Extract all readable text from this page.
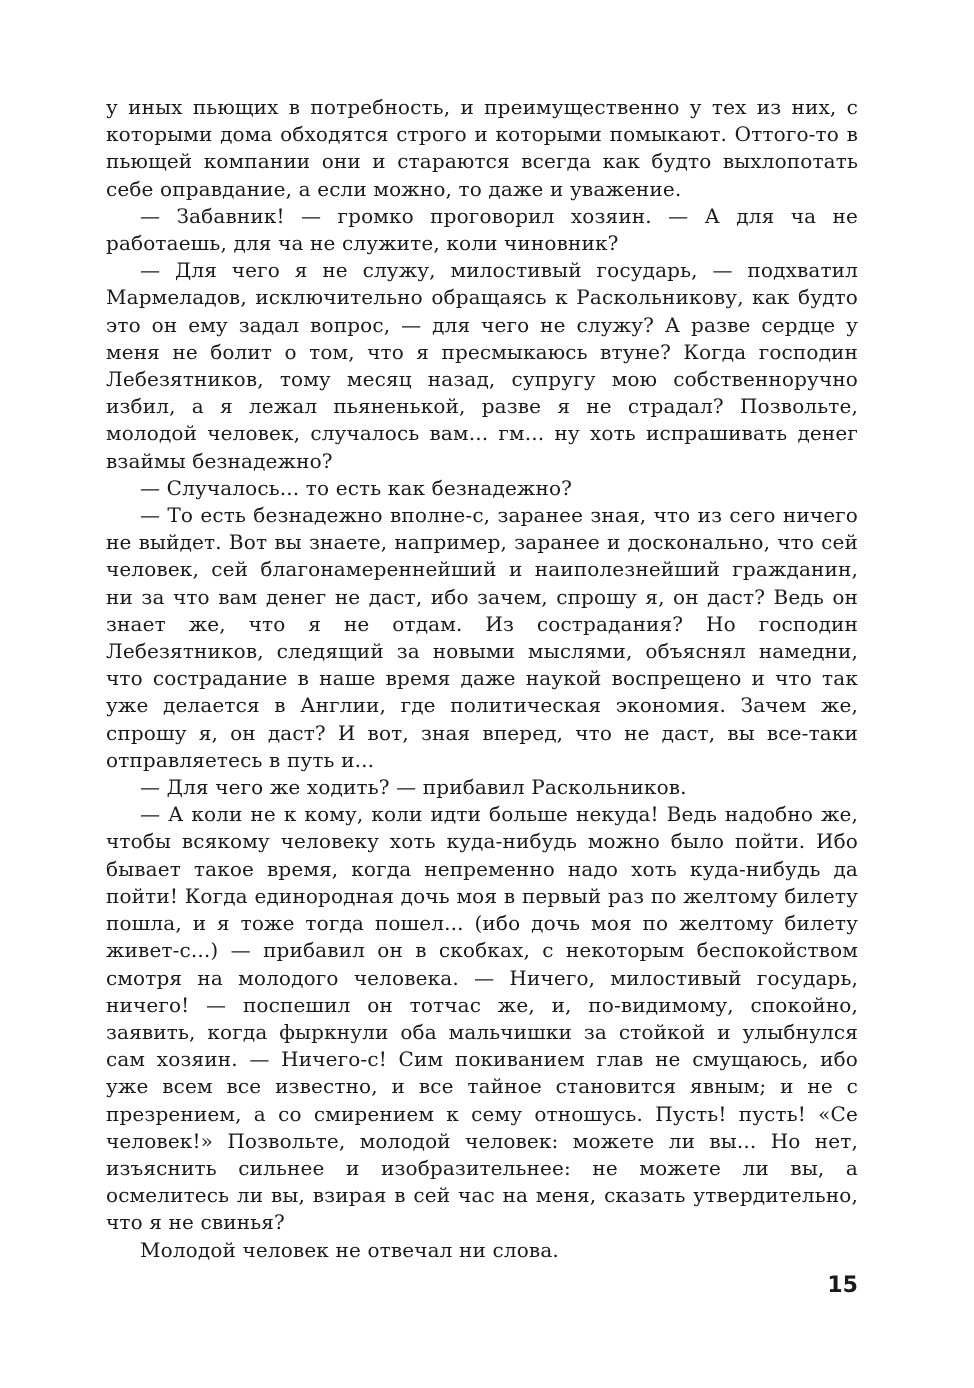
у иных пьющих в потребность, и преимущественно у тех из них, с которыми дома обходятся строго и которыми помыкают. Оттого-то в пьющей компании они и стараются всегда как будто выхлопотать себе оправдание, а если можно, то даже и уважение.

— Забавник! — громко проговорил хозяин. — А для ча не работаешь, для ча не служите, коли чиновник?

— Для чего я не служу, милостивый государь, — подхватил Мармеладов, исключительно обращаясь к Раскольникову, как будто это он ему задал вопрос, — для чего не служу? А разве сердце у меня не болит о том, что я пресмыкаюсь втуне? Когда господин Лебезятников, тому месяц назад, супругу мою собственноручно избил, а я лежал пьяненькой, разве я не страдал? Позвольте, молодой человек, случалось вам... гм... ну хоть испрашивать денег взаймы безнадежно?

— Случалось... то есть как безнадежно?

— То есть безнадежно вполне-с, заранее зная, что из сего ничего не выйдет. Вот вы знаете, например, заранее и досконально, что сей человек, сей благонамереннейший и наиполезнейший гражданин, ни за что вам денег не даст, ибо зачем, спрошу я, он даст? Ведь он знает же, что я не отдам. Из сострадания? Но господин Лебезятников, следящий за новыми мыслями, объяснял намедни, что сострадание в наше время даже наукой воспрещено и что так уже делается в Англии, где политическая экономия. Зачем же, спрошу я, он даст? И вот, зная вперед, что не даст, вы все-таки отправляетесь в путь и...

— Для чего же ходить? — прибавил Раскольников.

— А коли не к кому, коли идти больше некуда! Ведь надобно же, чтобы всякому человеку хоть куда-нибудь можно было пойти. Ибо бывает такое время, когда непременно надо хоть куда-нибудь да пойти! Когда единородная дочь моя в первый раз по желтому билету пошла, и я тоже тогда пошел... (ибо дочь моя по желтому билету живет-с...) — прибавил он в скобках, с некоторым беспокойством смотря на молодого человека. — Ничего, милостивый государь, ничего! — поспешил он тотчас же, и, по-видимому, спокойно, заявить, когда фыркнули оба мальчишки за стойкой и улыбнулся сам хозяин. — Ничего-с! Сим покиванием глав не смущаюсь, ибо уже всем все известно, и все тайное становится явным; и не с презрением, а со смирением к сему отношусь. Пусть! пусть! «Се человек!» Позвольте, молодой человек: можете ли вы... Но нет, изъяснить сильнее и изобразительнее: не можете ли вы, а осмелитесь ли вы, взирая в сей час на меня, сказать утвердительно, что я не свинья?

Молодой человек не отвечал ни слова.

15
